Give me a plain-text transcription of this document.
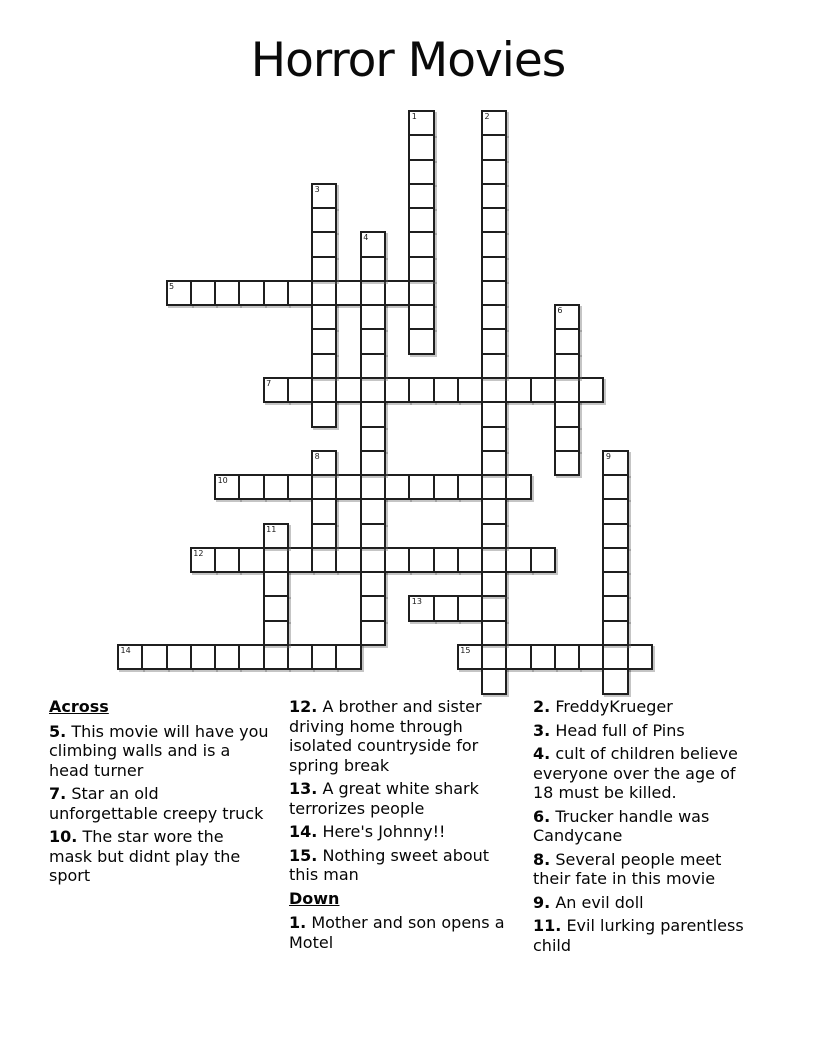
Horror Movies
5
7
10
12
13
14	15
1	2
3
4
6
8	9
11
Across
5. This movie will have you climbing walls and is a head turner
7. Star an old unforgettable creepy truck
10. The star wore the mask but didnt play the sport
12. A brother and sister driving home through isolated countryside for spring break
13. A great white shark terrorizes people
14. Here's Johnny!!
15. Nothing sweet about this man
Down
1. Mother and son opens a Motel
2. FreddyKrueger
3. Head full of Pins
4. cult of children believe everyone over the age of 18 must be killed.
6. Trucker handle was Candycane
8. Several people meet their fate in this movie
9. An evil doll
11. Evil lurking parentless child
